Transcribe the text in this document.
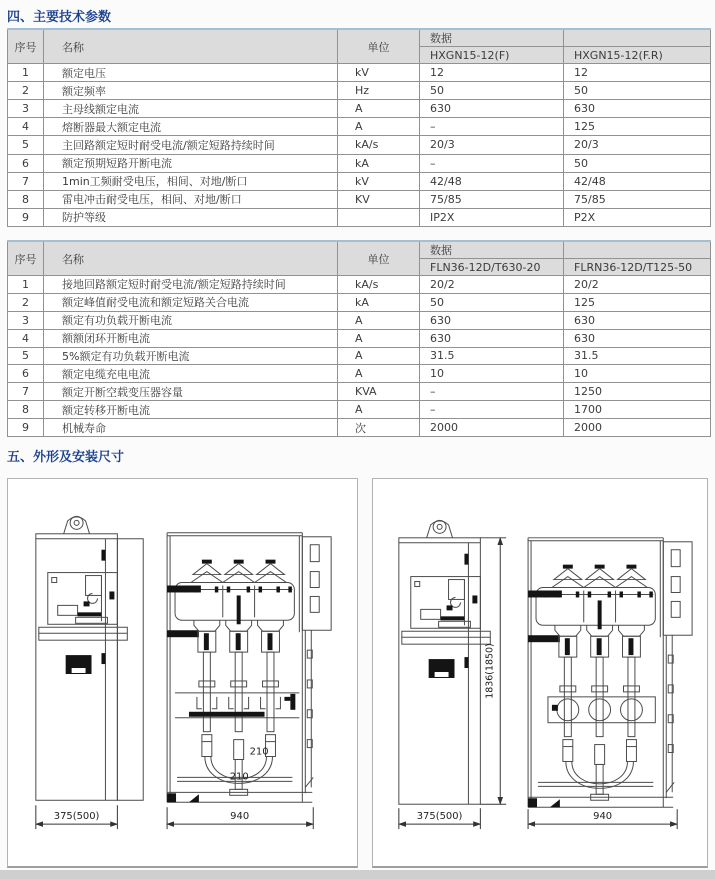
四、主要技术参数
序号	名称	单位	数据	
			HXGN15-12(F)	HXGN15-12(F.R)
1	额定电压	kV	12	12
2	额定频率	Hz	50	50
3	主母线额定电流	A	630	630
4	熔断器最大额定电流	A	–	125
5	主回路额定短时耐受电流/额定短路持续时间	kA/s	20/3	20/3
6	额定预期短路开断电流	kA	–	50
7	1min工频耐受电压，相间、对地/断口	kV	42/48	42/48
8	雷电冲击耐受电压，相间、对地/断口	KV	75/85	75/85
9	防护等级		IP2X	P2X
序号	名称	单位	数据	
			FLN36-12D/T630-20	FLRN36-12D/T125-50
1	接地回路额定短时耐受电流/额定短路持续时间	kA/s	20/2	20/2
2	额定峰值耐受电流和额定短路关合电流	kA	50	125
3	额定有功负载开断电流	A	630	630
4	额额闭环开断电流	A	630	630
5	5%额定有功负载开断电流	A	31.5	31.5
6	额定电缆充电电流	A	10	10
7	额定开断空载变压器容量	KVA	–	1250
8	额定转移开断电流	A	–	1700
9	机械寿命	次	2000	2000
五、外形及安装尺寸
210
210
375(500)	940
1836(1850)
375(500)	940
